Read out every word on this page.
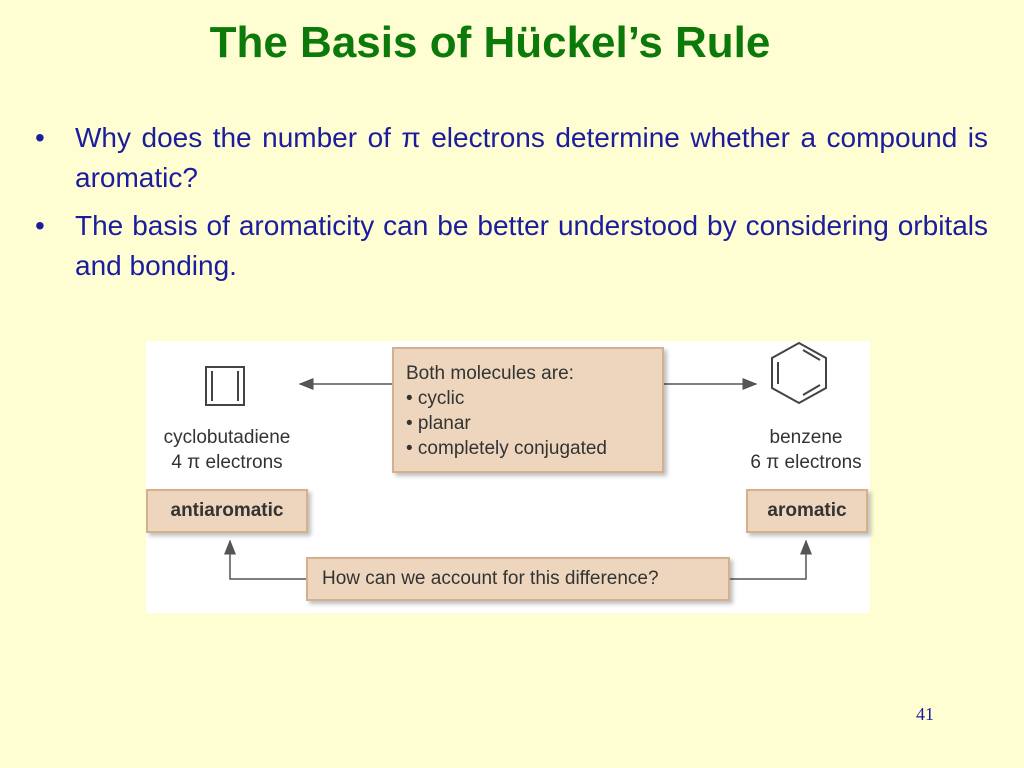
The Basis of Hückel’s Rule
• Why does the number of π electrons determine whether a compound is aromatic?
• The basis of aromaticity can be better understood by considering orbitals and bonding.
Both molecules are:
• cyclic
• planar
• completely conjugated
cyclobutadiene
4 π electrons
benzene
6 π electrons
antiaromatic	aromatic
How can we account for this difference?
41
